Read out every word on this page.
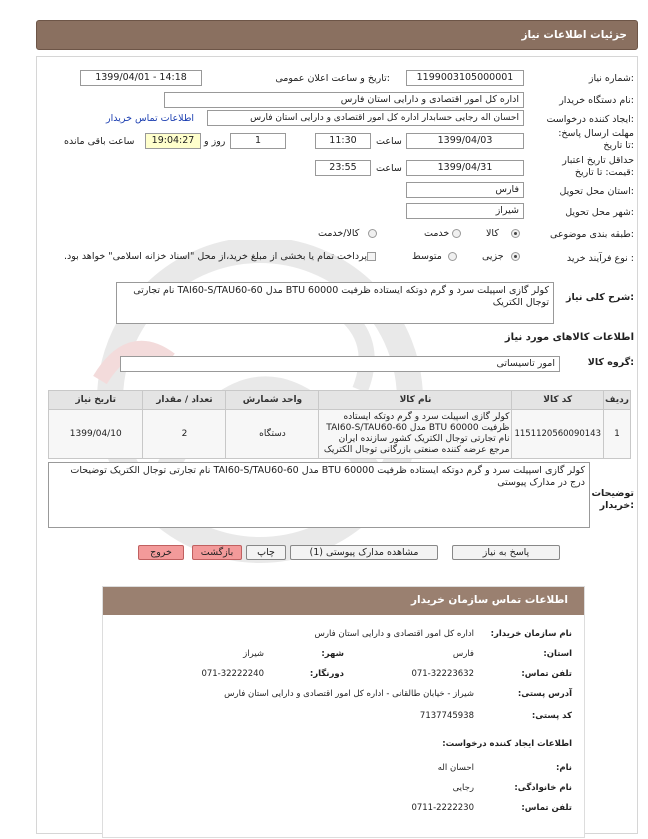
جزئیات اطلاعات نیاز
شماره نیاز:
1199003105000001
تاریخ و ساعت اعلان عمومی:
1399/04/01 - 14:18
نام دستگاه خریدار:
اداره کل امور اقتصادی و دارایی استان فارس
ایجاد کننده درخواست:
احسان اله رجایی حسابدار اداره کل امور اقتصادی و دارایی استان فارس
اطلاعات تماس خریدار
مهلت ارسال پاسخ: تا تاریخ:
1399/04/03
ساعت
11:30
1
روز و
19:04:27
ساعت باقی مانده
حداقل تاریخ اعتبار قیمت: تا تاریخ:
1399/04/31
ساعت
23:55
استان محل تحویل:
فارس
شهر محل تحویل:
شیراز
طبقه بندی موضوعی:
کالا
خدمت
کالا/خدمت
نوع فرآیند خرید :
جزیی
متوسط
پرداخت تمام یا بخشی از مبلغ خرید،از محل "اسناد خزانه اسلامی" خواهد بود.
شرح کلی نیاز:
کولر گازی اسپیلت سرد و گرم دوتکه ایستاده ظرفیت BTU 60000 مدل TAI60-S/TAU60-60 نام تجارتی توجال الکتریک
اطلاعات کالاهای مورد نیاز
گروه کالا:
امور تاسیساتی
ردیف	کد کالا	نام کالا	واحد شمارش	تعداد / مقدار	تاریخ نیاز
1	1151120560090143	کولر گازی اسپیلت سرد و گرم دوتکه ایستاده ظرفیت BTU 60000 مدل TAI60-S/TAU60-60 نام تجارتی توجال الکتریک کشور سازنده ایران مرجع عرضه کننده صنعتی بازرگانی توجال الکتریک	دستگاه	2	1399/04/10
توضیحات خریدار:
کولر گازی اسپیلت سرد و گرم دوتکه ایستاده ظرفیت BTU 60000 مدل TAI60-S/TAU60-60 نام تجارتی توجال الکتریک توضیحات درج در مدارک پیوستی
پاسخ به نیاز
مشاهده مدارک پیوستی (1)
چاپ
بازگشت
خروج
اطلاعات تماس سازمان خریدار
نام سازمان خریدار:
اداره کل امور اقتصادی و دارایی استان فارس
استان:
فارس
شهر:
شیراز
تلفن تماس:
071-32223632
دورنگار:
071-32222240
آدرس پستی:
شیراز - خیابان طالقانی - اداره کل امور اقتصادی و دارایی استان فارس
کد پستی:
7137745938
اطلاعات ایجاد کننده درخواست:
نام:
احسان اله
نام خانوادگی:
رجایی
تلفن تماس:
0711-2222230
